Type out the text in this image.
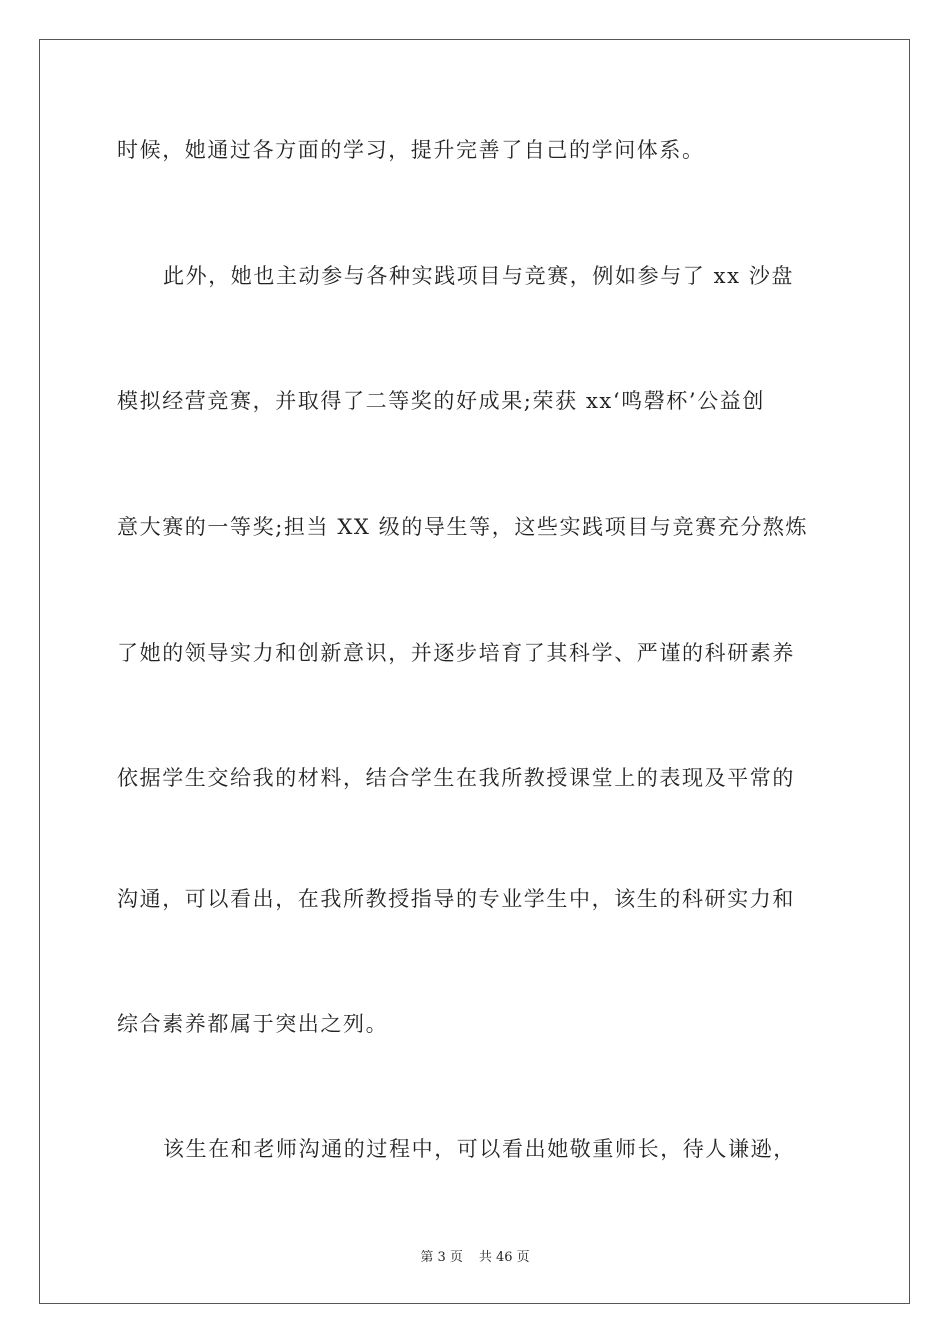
时候，她通过各方面的学习，提升完善了自己的学问体系。
此外，她也主动参与各种实践项目与竞赛，例如参与了 xx 沙盘
模拟经营竞赛，并取得了二等奖的好成果;荣获 xx‘鸣磬杯’公益创
意大赛的一等奖;担当 XX 级的导生等，这些实践项目与竞赛充分熬炼
了她的领导实力和创新意识，并逐步培育了其科学、严谨的科研素养
依据学生交给我的材料，结合学生在我所教授课堂上的表现及平常的
沟通，可以看出，在我所教授指导的专业学生中，该生的科研实力和
综合素养都属于突出之列。
该生在和老师沟通的过程中，可以看出她敬重师长，待人谦逊，
第 3 页 共 46 页
